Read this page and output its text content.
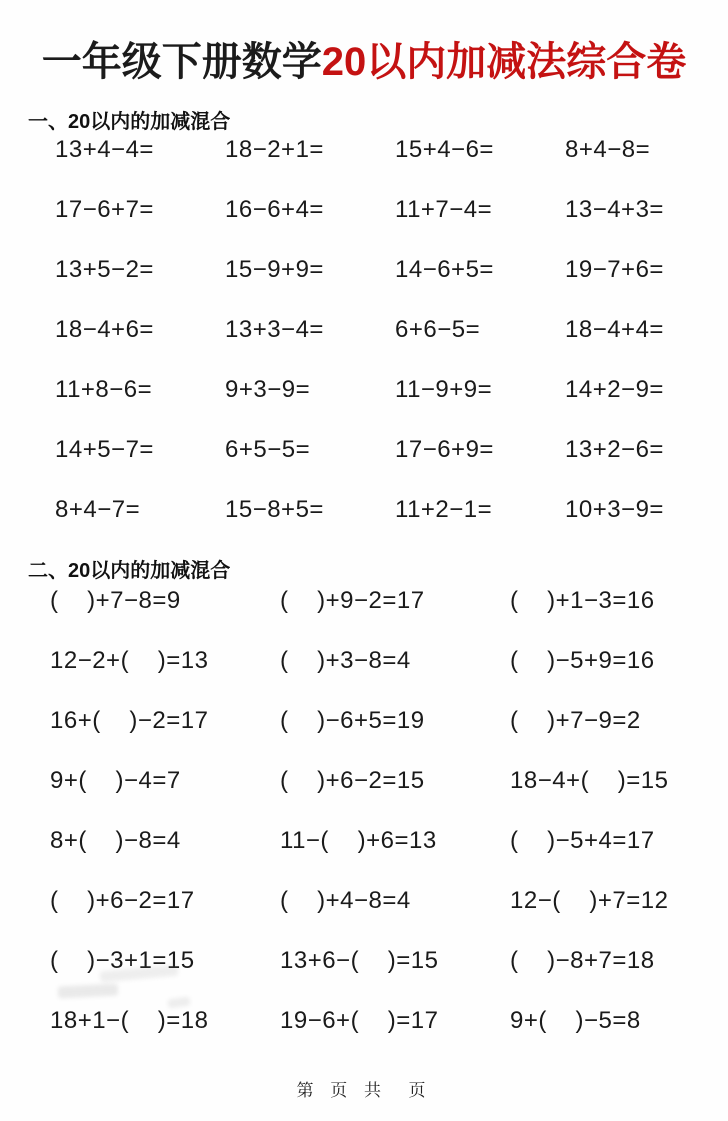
一年级下册数学20以内加减法综合卷
一、20以内的加减混合
13+4−4=	18−2+1=	15+4−6=	8+4−8=
17−6+7=	16−6+4=	11+7−4=	13−4+3=
13+5−2=	15−9+9=	14−6+5=	19−7+6=
18−4+6=	13+3−4=	6+6−5=	18−4+4=
11+8−6=	9+3−9=	11−9+9=	14+2−9=
14+5−7=	6+5−5=	17−6+9=	13+2−6=
8+4−7=	15−8+5=	11+2−1=	10+3−9=
二、20以内的加减混合
(    )+7−8=9	(    )+9−2=17	(    )+1−3=16
12−2+(    )=13	(    )+3−8=4	(    )−5+9=16
16+(    )−2=17	(    )−6+5=19	(    )+7−9=2
9+(    )−4=7	(    )+6−2=15	18−4+(    )=15
8+(    )−8=4	11−(    )+6=13	(    )−5+4=17
(    )+6−2=17	(    )+4−8=4	12−(    )+7=12
(    )−3+1=15	13+6−(    )=15	(    )−8+7=18
18+1−(    )=18	19−6+(    )=17	9+(    )−5=8
第 页 共  页
